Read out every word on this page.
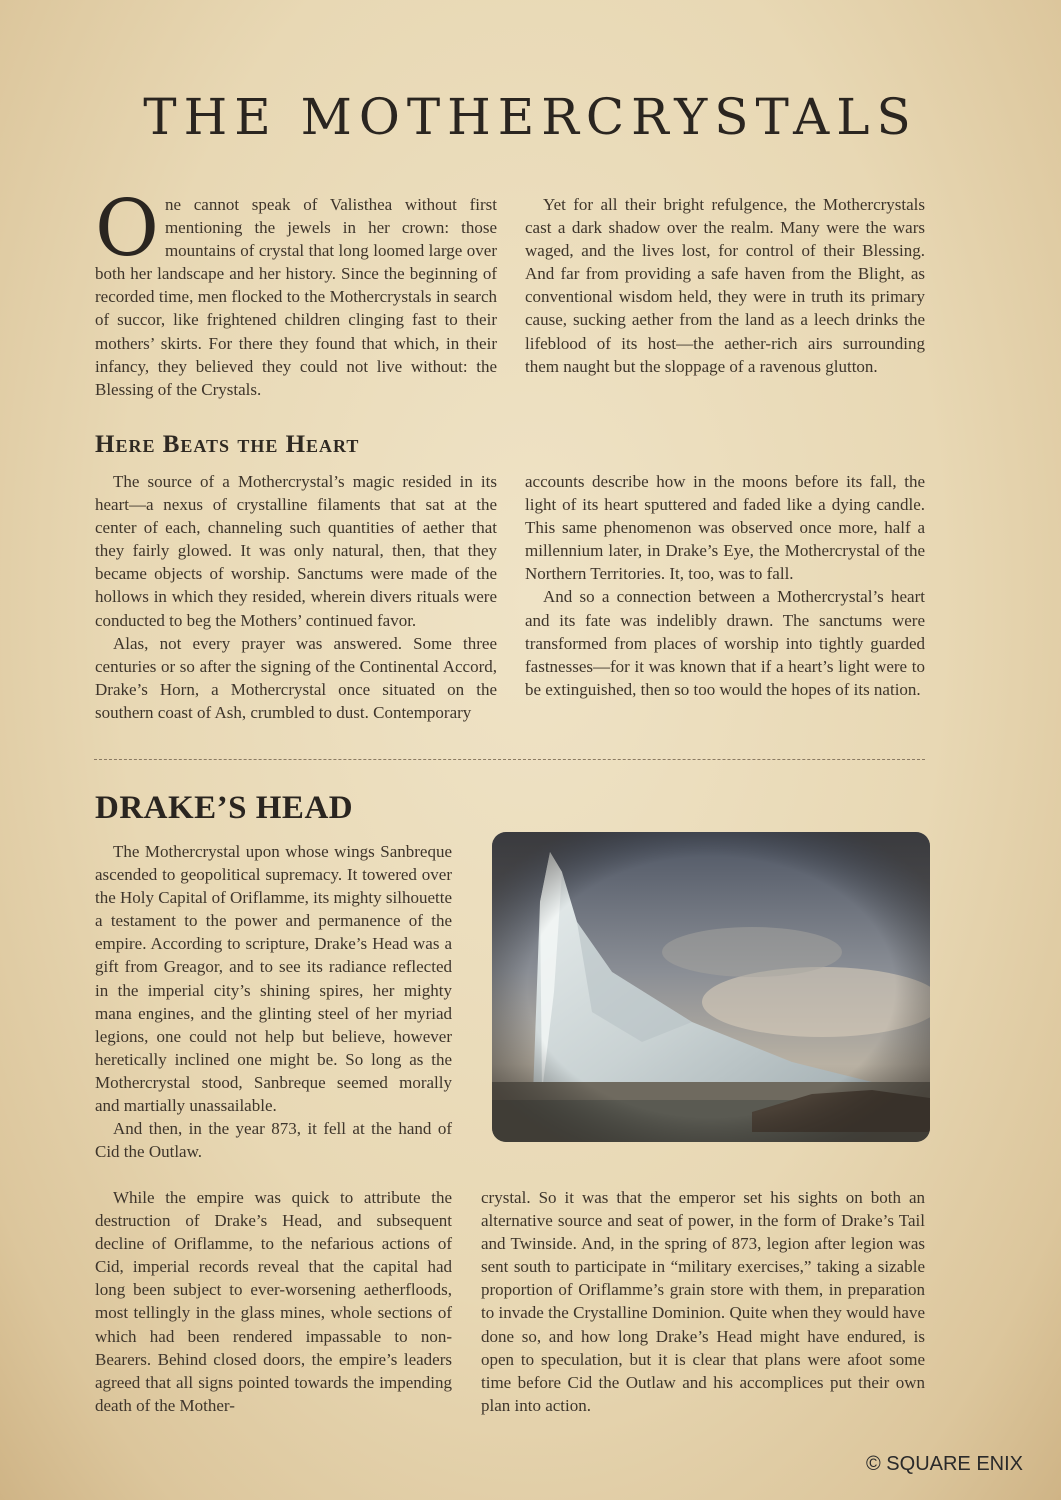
THE MOTHERCRYSTALS
O ne cannot speak of Valisthea without first mentioning the jewels in her crown: those mountains of crystal that long loomed large over both her landscape and her history. Since the beginning of recorded time, men flocked to the Mothercrystals in search of succor, like frightened children clinging fast to their mothers’ skirts. For there they found that which, in their infancy, they believed they could not live without: the Blessing of the Crystals.

Yet for all their bright refulgence, the Mothercrystals cast a dark shadow over the realm. Many were the wars waged, and the lives lost, for control of their Blessing. And far from providing a safe haven from the Blight, as conventional wisdom held, they were in truth its primary cause, sucking aether from the land as a leech drinks the lifeblood of its host—the aether-rich airs surrounding them naught but the sloppage of a ravenous glutton.

Here Beats the Heart

The source of a Mothercrystal’s magic resided in its heart—a nexus of crystalline filaments that sat at the center of each, channeling such quantities of aether that they fairly glowed. It was only natural, then, that they became objects of worship. Sanctums were made of the hollows in which they resided, wherein divers rituals were conducted to beg the Mothers’ continued favor.

Alas, not every prayer was answered. Some three centuries or so after the signing of the Continental Accord, Drake’s Horn, a Mothercrystal once situated on the southern coast of Ash, crumbled to dust. Contemporary

accounts describe how in the moons before its fall, the light of its heart sputtered and faded like a dying candle. This same phenomenon was observed once more, half a millennium later, in Drake’s Eye, the Mothercrystal of the Northern Territories. It, too, was to fall.

And so a connection between a Mothercrystal’s heart and its fate was indelibly drawn. The sanctums were transformed from places of worship into tightly guarded fastnesses—for it was known that if a heart’s light were to be extinguished, then so too would the hopes of its nation.

DRAKE’S HEAD

The Mothercrystal upon whose wings Sanbreque ascended to geopolitical supremacy. It towered over the Holy Capital of Oriflamme, its mighty silhouette a testament to the power and permanence of the empire. According to scripture, Drake’s Head was a gift from Greagor, and to see its radiance reflected in the imperial city’s shining spires, her mighty mana engines, and the glinting steel of her myriad legions, one could not help but believe, however heretically inclined one might be. So long as the Mothercrystal stood, Sanbreque seemed morally and martially unassailable.

And then, in the year 873, it fell at the hand of Cid the Outlaw.

While the empire was quick to attribute the destruction of Drake’s Head, and subsequent decline of Oriflamme, to the nefarious actions of Cid, imperial records reveal that the capital had long been subject to ever-worsening aetherfloods, most tellingly in the glass mines, whole sections of which had been rendered impassable to non-Bearers. Behind closed doors, the empire’s leaders agreed that all signs pointed towards the impending death of the Mother-

crystal. So it was that the emperor set his sights on both an alternative source and seat of power, in the form of Drake’s Tail and Twinside. And, in the spring of 873, legion after legion was sent south to participate in “military exercises,” taking a sizable proportion of Oriflamme’s grain store with them, in preparation to invade the Crystalline Dominion. Quite when they would have done so, and how long Drake’s Head might have endured, is open to speculation, but it is clear that plans were afoot some time before Cid the Outlaw and his accomplices put their own plan into action.

© SQUARE ENIX
